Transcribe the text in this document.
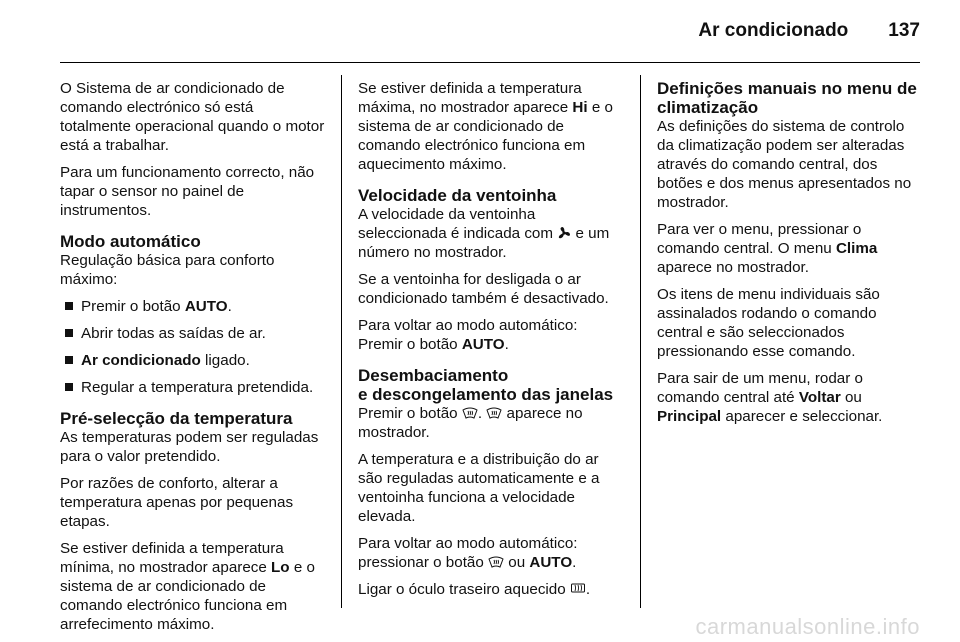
Ar condicionado 137

O Sistema de ar condicionado de comando electrónico só está totalmente operacional quando o motor está a trabalhar.

Para um funcionamento correcto, não tapar o sensor no painel de instrumentos.

Modo automático

Regulação básica para conforto máximo:

Premir o botão AUTO.
Abrir todas as saídas de ar.
Ar condicionado ligado.
Regular a temperatura pretendida.
Pré-selecção da temperatura

As temperaturas podem ser reguladas para o valor pretendido.

Por razões de conforto, alterar a temperatura apenas por pequenas etapas.

Se estiver definida a temperatura mínima, no mostrador aparece Lo e o sistema de ar condicionado de comando electrónico funciona em arrefecimento máximo.

Se estiver definida a temperatura máxima, no mostrador aparece Hi e o sistema de ar condicionado de comando electrónico funciona em aquecimento máximo.

Velocidade da ventoinha

A velocidade da ventoinha seleccionada é indicada com  e um número no mostrador.

Se a ventoinha for desligada o ar condicionado também é desactivado.

Para voltar ao modo automático: Premir o botão AUTO.

Desembaciamento
e descongelamento das janelas

Premir o botão .  aparece no mostrador.

A temperatura e a distribuição do ar são reguladas automaticamente e a ventoinha funciona a velocidade elevada.

Para voltar ao modo automático: pressionar o botão  ou AUTO.

Ligar o óculo traseiro aquecido .

Definições manuais no menu de climatização

As definições do sistema de controlo da climatização podem ser alteradas através do comando central, dos botões e dos menus apresentados no mostrador.

Para ver o menu, pressionar o comando central. O menu Clima aparece no mostrador.

Os itens de menu individuais são assinalados rodando o comando central e são seleccionados pressionando esse comando.

Para sair de um menu, rodar o comando central até Voltar ou Principal aparecer e seleccionar.

carmanualsonline.info
